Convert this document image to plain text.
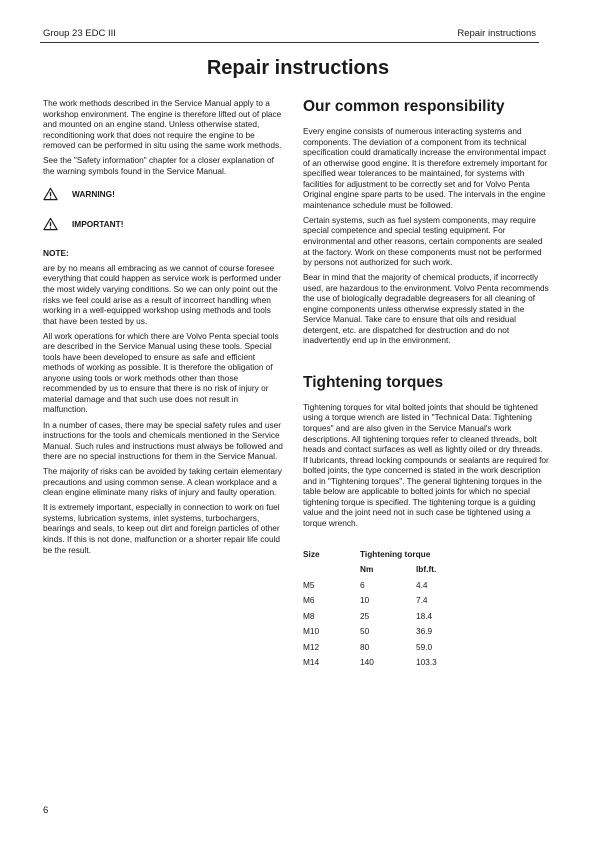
Group 23 EDC III	Repair instructions
Repair instructions

The work methods described in the Service Manual apply to a workshop environment. The engine is therefore lifted out of place and mounted on an engine stand. Unless otherwise stated, reconditioning work that does not require the engine to be removed can be performed in situ using the same work methods.

See the "Safety information" chapter for a closer explanation of the warning symbols found in the Service Manual.

WARNING!
IMPORTANT!
NOTE:

are by no means all embracing as we cannot of course foresee everything that could happen as service work is performed under the most widely varying conditions. So we can only point out the risks we feel could arise as a result of incorrect handling when working in a well-equipped workshop using methods and tools that have been tested by us.

All work operations for which there are Volvo Penta special tools are described in the Service Manual using these tools. Special tools have been developed to ensure as safe and efficient methods of working as possible. It is therefore the obligation of anyone using tools or work methods other than those recommended by us to ensure that there is no risk of injury or material damage and that such use does not result in malfunction.

In a number of cases, there may be special safety rules and user instructions for the tools and chemicals mentioned in the Service Manual. Such rules and instructions must always be followed and there are no special instructions for them in the Service Manual.

The majority of risks can be avoided by taking certain elementary precautions and using common sense. A clean workplace and a clean engine eliminate many risks of injury and faulty operation.

It is extremely important, especially in connection to work on fuel systems, lubrication systems, inlet systems, turbochargers, bearings and seals, to keep out dirt and foreign particles of other kinds. If this is not done, malfunction or a shorter repair life could be the result.

Our common responsibility

Every engine consists of numerous interacting systems and components. The deviation of a component from its technical specification could dramatically increase the environmental impact of an otherwise good engine. It is therefore extremely important for specified wear tolerances to be maintained, for systems with facilities for adjustment to be correctly set and for Volvo Penta Original engine spare parts to be used. The intervals in the engine maintenance schedule must be followed.

Certain systems, such as fuel system components, may require special competence and special testing equipment. For environmental and other reasons, certain components are sealed at the factory. Work on these components must not be performed by persons not authorized for such work.

Bear in mind that the majority of chemical products, if incorrectly used, are hazardous to the environment. Volvo Penta recommends the use of biologically degradable degreasers for all cleaning of engine components unless otherwise expressly stated in the Service Manual. Take care to ensure that oils and residual detergent, etc. are dispatched for destruction and do not inadvertently end up in the environment.

Tightening torques

Tightening torques for vital bolted joints that should be tightened using a torque wrench are listed in "Technical Data: Tightening torques" and are also given in the Service Manual's work descriptions. All tightening torques refer to cleaned threads, bolt heads and contact surfaces as well as lightly oiled or dry threads. If lubricants, thread locking compounds or sealants are required for bolted joints, the type concerned is stated in the work description and in "Tightening torques". The general tightening torques in the table below are applicable to bolted joints for which no special tightening torque is specified. The tightening torque is a guiding value and the joint need not in such case be tightened using a torque wrench.

Size	Tightening torque	
	Nm	lbf.ft.
M5	6	4.4
M6	10	7.4
M8	25	18.4
M10	50	36.9
M12	80	59.0
M14	140	103.3
6
